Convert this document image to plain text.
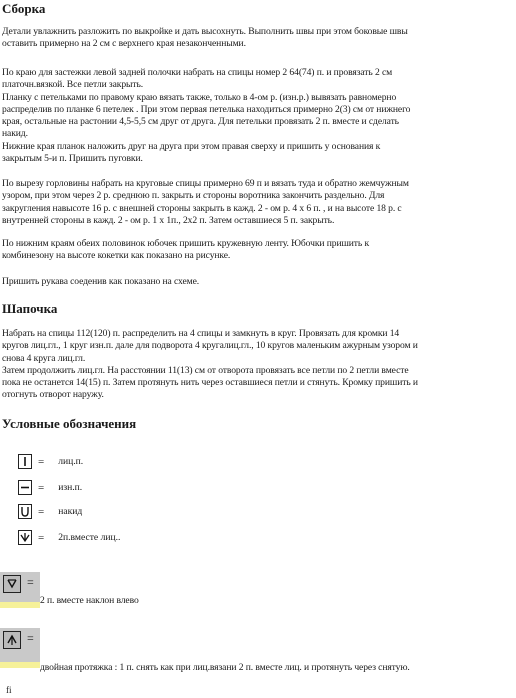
Сборка
Детали увлажнить разложить по выкройке и дать высохнуть. Выполнить швы при этом боковые швы
оставить примерно на 2 см с верхнего края незаконченными.
По краю для застежки левой задней полочки набрать на спицы номер 2 64(74) п. и провязать 2 см
платочн.вязкой. Все петли закрыть.
Планку с петельками по правому краю вязать также, только в 4-ом р. (изн.р.) вывязать равномерно
распределив по планке 6 петелек . При этом первая петелька находиться примерно 2(3) см от нижнего
края, остальные на растонии 4,5-5,5 см друг от друга. Для петельки провязать 2 п. вместе и сделать
накид.
Нижние края планок наложить друг на друга при этом правая сверху и пришить у основания к
закрытым 5-и п. Пришить пуговки.
По вырезу горловины набрать на круговые спицы примерно 69 п и вязать туда и обратно жемчужным
узором, при этом через 2 р. среднюю п. закрыть и стороны воротника закончить раздельно. Для
закругления навысоте 16 р. с внешней стороны закрыть в кажд. 2 - ом р. 4 х 6 п. , и на высоте 18 р. с
внутренней стороны в кажд. 2 - ом р. 1 х 1п., 2х2 п. Затем оставшиеся 5 п. закрыть.
По нижним краям обеих половинок юбочек пришить кружевную ленту. Юбочки пришить к
комбинезону на высоте кокетки как показано на рисунке.
Пришить рукава соеденив как показано на схеме.
Шапочка
Набрать на спицы 112(120) п. распределить на 4 спицы и замкнуть в круг. Провязать для кромки 14
кругов лиц.гл., 1 круг изн.п. дале для подворота 4 кругалиц.гл., 10 кругов маленьким ажурным узором и
снова 4 круга лиц.гл.
Затем продолжить лиц.гл. На расстоянии 11(13) см от отворота провязать все петли по 2 петли вместе
пока не останется 14(15) п. Затем протянуть нить через оставшиеся петли и стянуть. Кромку пришить и
отогнуть отворот наружу.
Условные обозначения
= лиц.п.
= изн.п.
= накид
= 2п.вместе лиц..
=
2 п. вместе наклон влево
=
двойная протяжка : 1 п. снять как при лиц.вязани 2 п. вместе лиц. и протянуть через снятую.
fi
